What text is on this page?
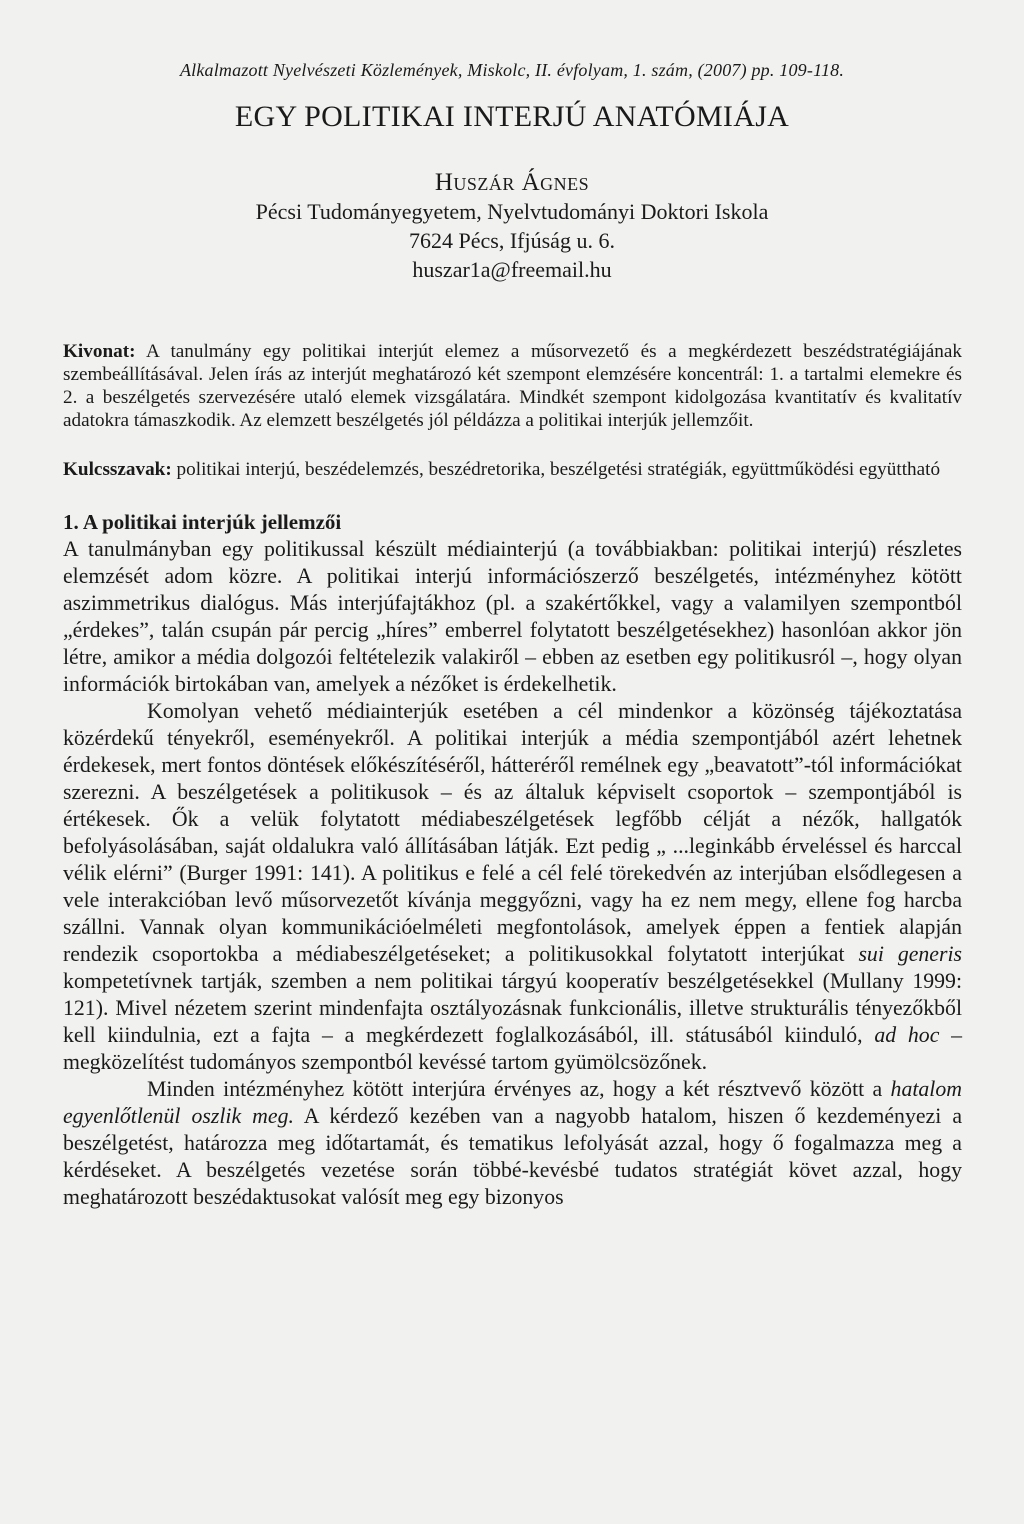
Alkalmazott Nyelvészeti Közlemények, Miskolc, II. évfolyam, 1. szám, (2007) pp. 109-118.

EGY POLITIKAI INTERJÚ ANATÓMIÁJA
Huszár Ágnes
Pécsi Tudományegyetem, Nyelvtudományi Doktori Iskola
7624 Pécs, Ifjúság u. 6.
huszar1a@freemail.hu

Kivonat: A tanulmány egy politikai interjút elemez a műsorvezető és a megkérdezett beszédstratégiájának szembeállításával. Jelen írás az interjút meghatározó két szempont elemzésére koncentrál: 1. a tartalmi elemekre és 2. a beszélgetés szervezésére utaló elemek vizsgálatára. Mindkét szempont kidolgozása kvantitatív és kvalitatív adatokra támaszkodik. Az elemzett beszélgetés jól példázza a politikai interjúk jellemzőit.

Kulcsszavak: politikai interjú, beszédelemzés, beszédretorika, beszélgetési stratégiák, együttműködési együttható

1. A politikai interjúk jellemzői

A tanulmányban egy politikussal készült médiainterjú (a továbbiakban: politikai interjú) részletes elemzését adom közre. A politikai interjú információszerző beszélgetés, intézményhez kötött aszimmetrikus dialógus. Más interjúfajtákhoz (pl. a szakértőkkel, vagy a valamilyen szempontból „érdekes”, talán csupán pár percig „híres” emberrel folytatott beszélgetésekhez) hasonlóan akkor jön létre, amikor a média dolgozói feltételezik valakiről – ebben az esetben egy politikusról –, hogy olyan információk birtokában van, amelyek a nézőket is érdekelhetik.

Komolyan vehető médiainterjúk esetében a cél mindenkor a közönség tájékoztatása közérdekű tényekről, eseményekről. A politikai interjúk a média szempontjából azért lehetnek érdekesek, mert fontos döntések előkészítéséről, hátteréről remélnek egy „beavatott”-tól információkat szerezni. A beszélgetések a politikusok – és az általuk képviselt csoportok – szempontjából is értékesek. Ők a velük folytatott médiabeszélgetések legfőbb célját a nézők, hallgatók befolyásolásában, saját oldalukra való állításában látják. Ezt pedig „ ...leginkább érveléssel és harccal vélik elérni” (Burger 1991: 141). A politikus e felé a cél felé törekedvén az interjúban elsődlegesen a vele interakcióban levő műsorvezetőt kívánja meggyőzni, vagy ha ez nem megy, ellene fog harcba szállni. Vannak olyan kommunikációelméleti megfontolások, amelyek éppen a fentiek alapján rendezik csoportokba a médiabeszélgetéseket; a politikusokkal folytatott interjúkat sui generis kompetetívnek tartják, szemben a nem politikai tárgyú kooperatív beszélgetésekkel (Mullany 1999: 121). Mivel nézetem szerint mindenfajta osztályozásnak funkcionális, illetve strukturális tényezőkből kell kiindulnia, ezt a fajta – a megkérdezett foglalkozásából, ill. státusából kiinduló, ad hoc – megközelítést tudományos szempontból kevéssé tartom gyümölcsözőnek.

Minden intézményhez kötött interjúra érvényes az, hogy a két résztvevő között a hatalom egyenlőtlenül oszlik meg. A kérdező kezében van a nagyobb hatalom, hiszen ő kezdeményezi a beszélgetést, határozza meg időtartamát, és tematikus lefolyását azzal, hogy ő fogalmazza meg a kérdéseket. A beszélgetés vezetése során többé-kevésbé tudatos stratégiát követ azzal, hogy meghatározott beszédaktusokat valósít meg egy bizonyos
